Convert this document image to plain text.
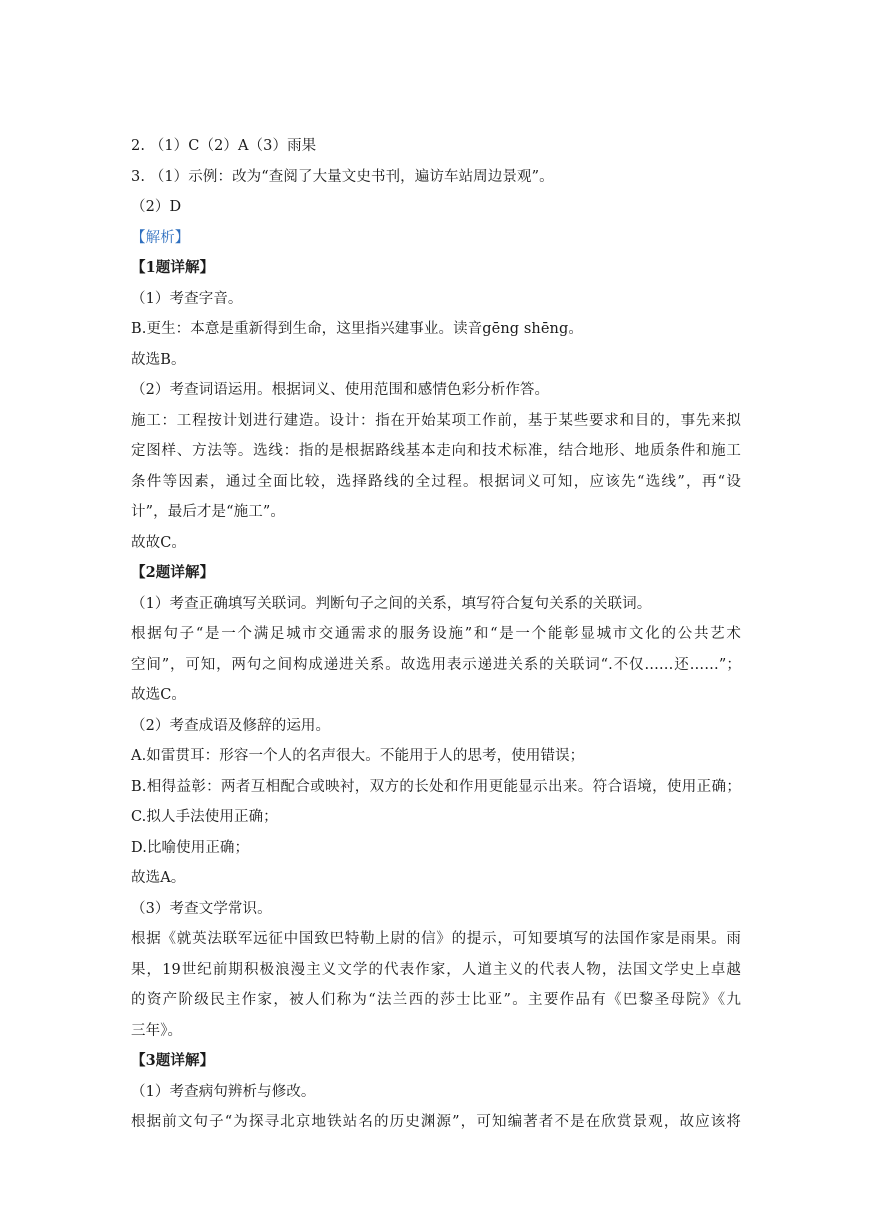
2. （1）C（2）A（3）雨果
3. （1）示例：改为“查阅了大量文史书刊，遍访车站周边景观”。
（2）D
【解析】
【1题详解】
（1）考查字音。
B.更生：本意是重新得到生命，这里指兴建事业。读音gēng shēng。
故选B。
（2）考查词语运用。根据词义、使用范围和感情色彩分析作答。
施工：工程按计划进行建造。设计：指在开始某项工作前，基于某些要求和目的，事先来拟
定图样、方法等。选线：指的是根据路线基本走向和技术标准，结合地形、地质条件和施工
条件等因素，通过全面比较，选择路线的全过程。根据词义可知，应该先“选线”，再“设
计”，最后才是“施工”。
故故C。
【2题详解】
（1）考查正确填写关联词。判断句子之间的关系，填写符合复句关系的关联词。
根据句子“是一个满足城市交通需求的服务设施”和“是一个能彰显城市文化的公共艺术
空间”，可知，两句之间构成递进关系。故选用表示递进关系的关联词“.不仅……还……”；
故选C。
（2）考查成语及修辞的运用。
A.如雷贯耳：形容一个人的名声很大。不能用于人的思考，使用错误；
B.相得益彰：两者互相配合或映衬，双方的长处和作用更能显示出来。符合语境，使用正确；
C.拟人手法使用正确；
D.比喻使用正确；
故选A。
（3）考查文学常识。
根据《就英法联军远征中国致巴特勒上尉的信》的提示，可知要填写的法国作家是雨果。雨
果，19世纪前期积极浪漫主义文学的代表作家，人道主义的代表人物，法国文学史上卓越
的资产阶级民主作家，被人们称为“法兰西的莎士比亚”。主要作品有《巴黎圣母院》《九
三年》。
【3题详解】
（1）考查病句辨析与修改。
根据前文句子“为探寻北京地铁站名的历史渊源”，可知编著者不是在欣赏景观，故应该将
